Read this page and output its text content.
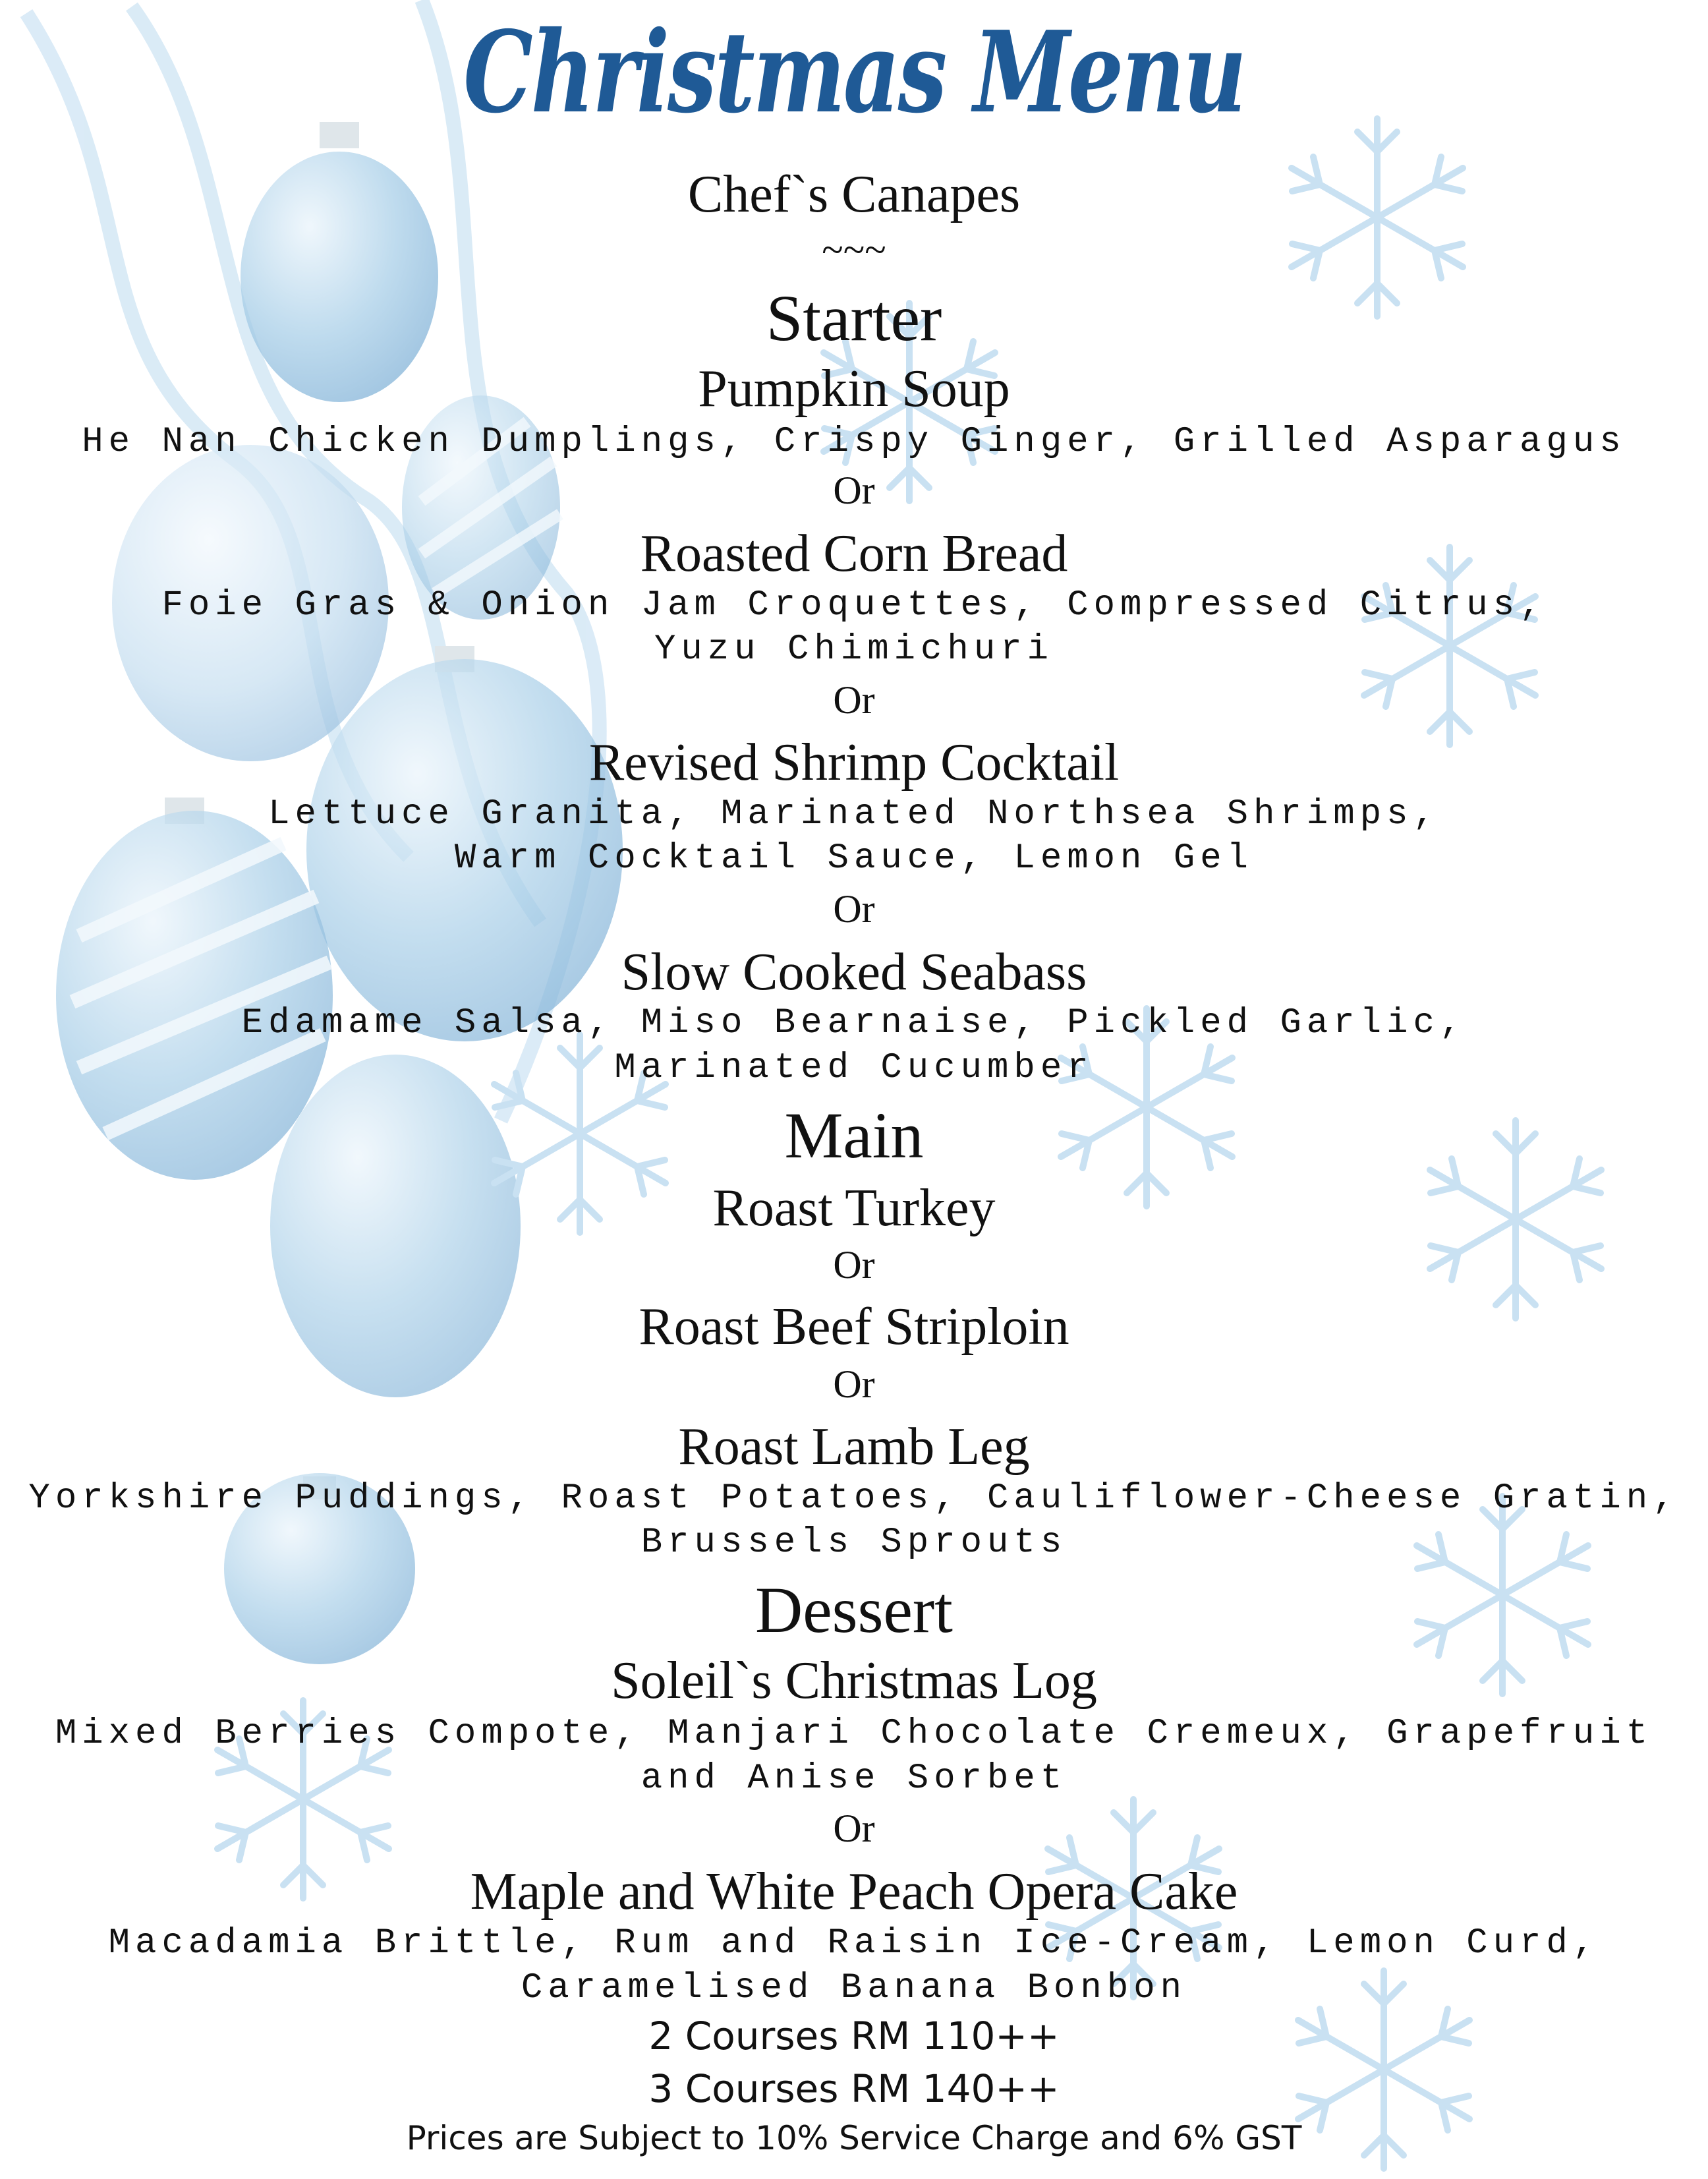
Christmas Menu
Chef`s Canapes
~~~
Starter
Pumpkin Soup
He Nan Chicken Dumplings, Crispy Ginger, Grilled Asparagus
Or
Roasted Corn Bread
Foie Gras & Onion Jam Croquettes, Compressed Citrus,
Yuzu Chimichuri
Or
Revised Shrimp Cocktail
Lettuce Granita, Marinated Northsea Shrimps,
Warm Cocktail Sauce, Lemon Gel
Or
Slow Cooked Seabass
Edamame Salsa, Miso Bearnaise, Pickled Garlic,
Marinated Cucumber
Main
Roast Turkey
Or
Roast Beef Striploin
Or
Roast Lamb Leg
Yorkshire Puddings, Roast Potatoes, Cauliflower-Cheese Gratin,
Brussels Sprouts
Dessert
Soleil`s Christmas Log
Mixed Berries Compote, Manjari Chocolate Cremeux, Grapefruit
and Anise Sorbet
Or
Maple and White Peach Opera Cake
Macadamia Brittle, Rum and Raisin Ice-Cream, Lemon Curd,
Caramelised Banana Bonbon
2 Courses RM 110++
3 Courses RM 140++
Prices are Subject to 10% Service Charge and 6% GST
